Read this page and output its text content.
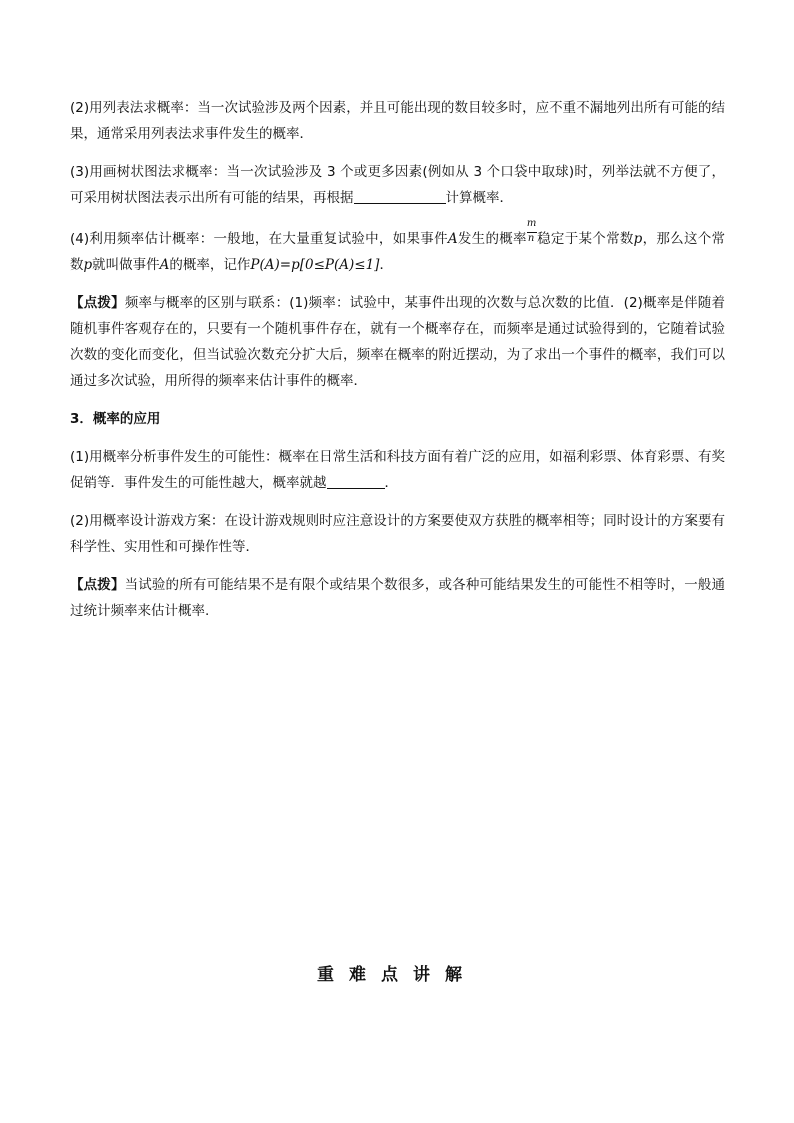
(2)用列表法求概率：当一次试验涉及两个因素，并且可能出现的数目较多时，应不重不漏地列出所有可能的结果，通常采用列表法求事件发生的概率．

(3)用画树状图法求概率：当一次试验涉及 3 个或更多因素(例如从 3 个口袋中取球)时，列举法就不方便了，可采用树状图法表示出所有可能的结果，再根据	计算概率．

(4)利用频率估计概率：一般地，在大量重复试验中，如果事件A发生的概率 $\frac{m}{n}$ 稳定于某个常数p，那么这个常数p就叫做事件A的概率，记作P(A)=p[0≤P(A)≤1]．

【点拨】频率与概率的区别与联系：(1)频率：试验中，某事件出现的次数与总次数的比值．(2)概率是伴随着随机事件客观存在的，只要有一个随机事件存在，就有一个概率存在，而频率是通过试验得到的，它随着试验次数的变化而变化，但当试验次数充分扩大后，频率在概率的附近摆动，为了求出一个事件的概率，我们可以通过多次试验，用所得的频率来估计事件的概率．

3．概率的应用

(1)用概率分析事件发生的可能性：概率在日常生活和科技方面有着广泛的应用，如福利彩票、体育彩票、有奖促销等．事件发生的可能性越大，概率就越	．

(2)用概率设计游戏方案：在设计游戏规则时应注意设计的方案要使双方获胜的概率相等；同时设计的方案要有科学性、实用性和可操作性等．

【点拨】当试验的所有可能结果不是有限个或结果个数很多，或各种可能结果发生的可能性不相等时，一般通过统计频率来估计概率.

重难点讲解
